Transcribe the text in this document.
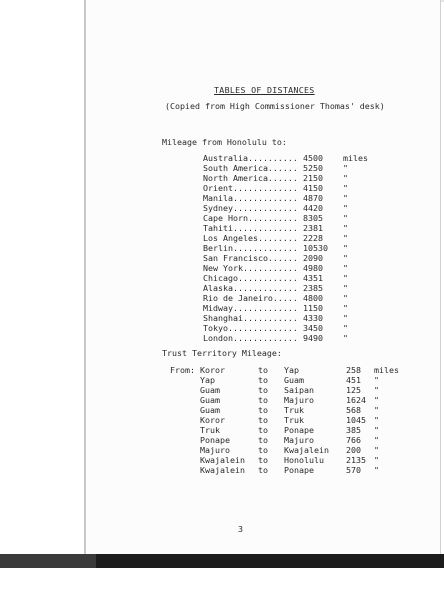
TABLES OF DISTANCES
(Copied from High Commissioner Thomas' desk)
Mileage from Honolulu to:
Australia.......... 4500 miles
South America...... 5250 "
North America...... 2150 "
Orient............. 4150 "
Manila............. 4870 "
Sydney............. 4420 "
Cape Horn.......... 8305 "
Tahiti............. 2381 "
Los Angeles........ 2228 "
Berlin............. 10530 "
San Francisco...... 2090 "
New York........... 4980 "
Chicago............ 4351 "
Alaska............. 2385 "
Rio de Janeiro..... 4800 "
Midway............. 1150 "
Shanghai........... 4330 "
Tokyo.............. 3450 "
London............. 9490 "
Trust Territory Mileage:
From: Koror	to Yap	258 miles
Yap	to Guam	451 "
Guam	to Saipan	125 "
Guam	to Majuro	1624 "
Guam	to Truk	568 "
Koror	to Truk	1045 "
Truk	to Ponape	385 "
Ponape	to Majuro	766 "
Majuro	to Kwajalein 200 "
Kwajalein to Honolulu	2135 "
Kwajalein to Ponape	570 "
3
